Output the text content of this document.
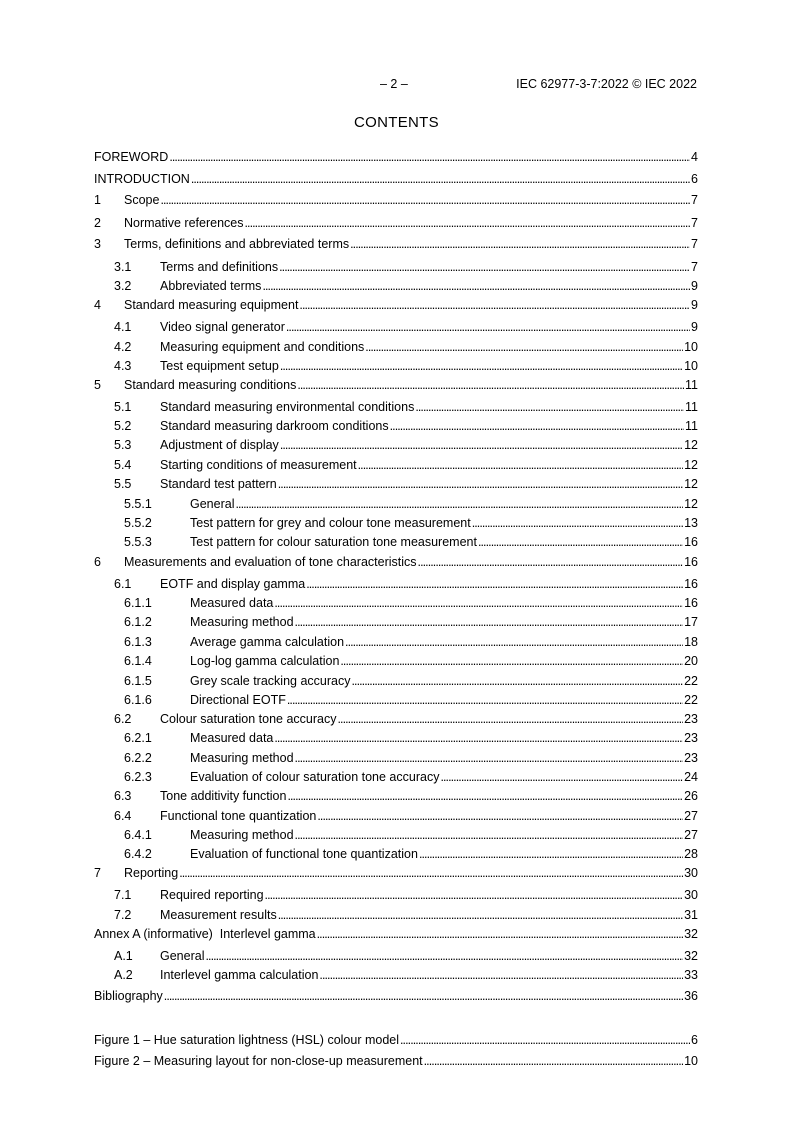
– 2 –	IEC 62977-3-7:2022 © IEC 2022
CONTENTS
FOREWORD . . .	4
INTRODUCTION . . .	6
1	Scope . . .	7
2	Normative references . . .	7
3	Terms, definitions and abbreviated terms . . .	7
3.1	Terms and definitions . . .	7
3.2	Abbreviated terms . . .	9
4	Standard measuring equipment . . .	9
4.1	Video signal generator . . .	9
4.2	Measuring equipment and conditions . . .	10
4.3	Test equipment setup . . .	10
5	Standard measuring conditions . . .	11
5.1	Standard measuring environmental conditions . . .	11
5.2	Standard measuring darkroom conditions . . .	11
5.3	Adjustment of display . . .	12
5.4	Starting conditions of measurement . . .	12
5.5	Standard test pattern . . .	12
5.5.1	General . . .	12
5.5.2	Test pattern for grey and colour tone measurement . . .	13
5.5.3	Test pattern for colour saturation tone measurement . . .	16
6	Measurements and evaluation of tone characteristics . . .	16
6.1	EOTF and display gamma . . .	16
6.1.1	Measured data . . .	16
6.1.2	Measuring method . . .	17
6.1.3	Average gamma calculation . . .	18
6.1.4	Log-log gamma calculation . . .	20
6.1.5	Grey scale tracking accuracy . . .	22
6.1.6	Directional EOTF . . .	22
6.2	Colour saturation tone accuracy . . .	23
6.2.1	Measured data . . .	23
6.2.2	Measuring method . . .	23
6.2.3	Evaluation of colour saturation tone accuracy . . .	24
6.3	Tone additivity function . . .	26
6.4	Functional tone quantization . . .	27
6.4.1	Measuring method . . .	27
6.4.2	Evaluation of functional tone quantization . . .	28
7	Reporting . . .	30
7.1	Required reporting . . .	30
7.2	Measurement results . . .	31
Annex A (informative)  Interlevel gamma . . .	32
A.1	General . . .	32
A.2	Interlevel gamma calculation . . .	33
Bibliography . . .	36
Figure 1 – Hue saturation lightness (HSL) colour model . . .	6
Figure 2 – Measuring layout for non-close-up measurement . . .	10
